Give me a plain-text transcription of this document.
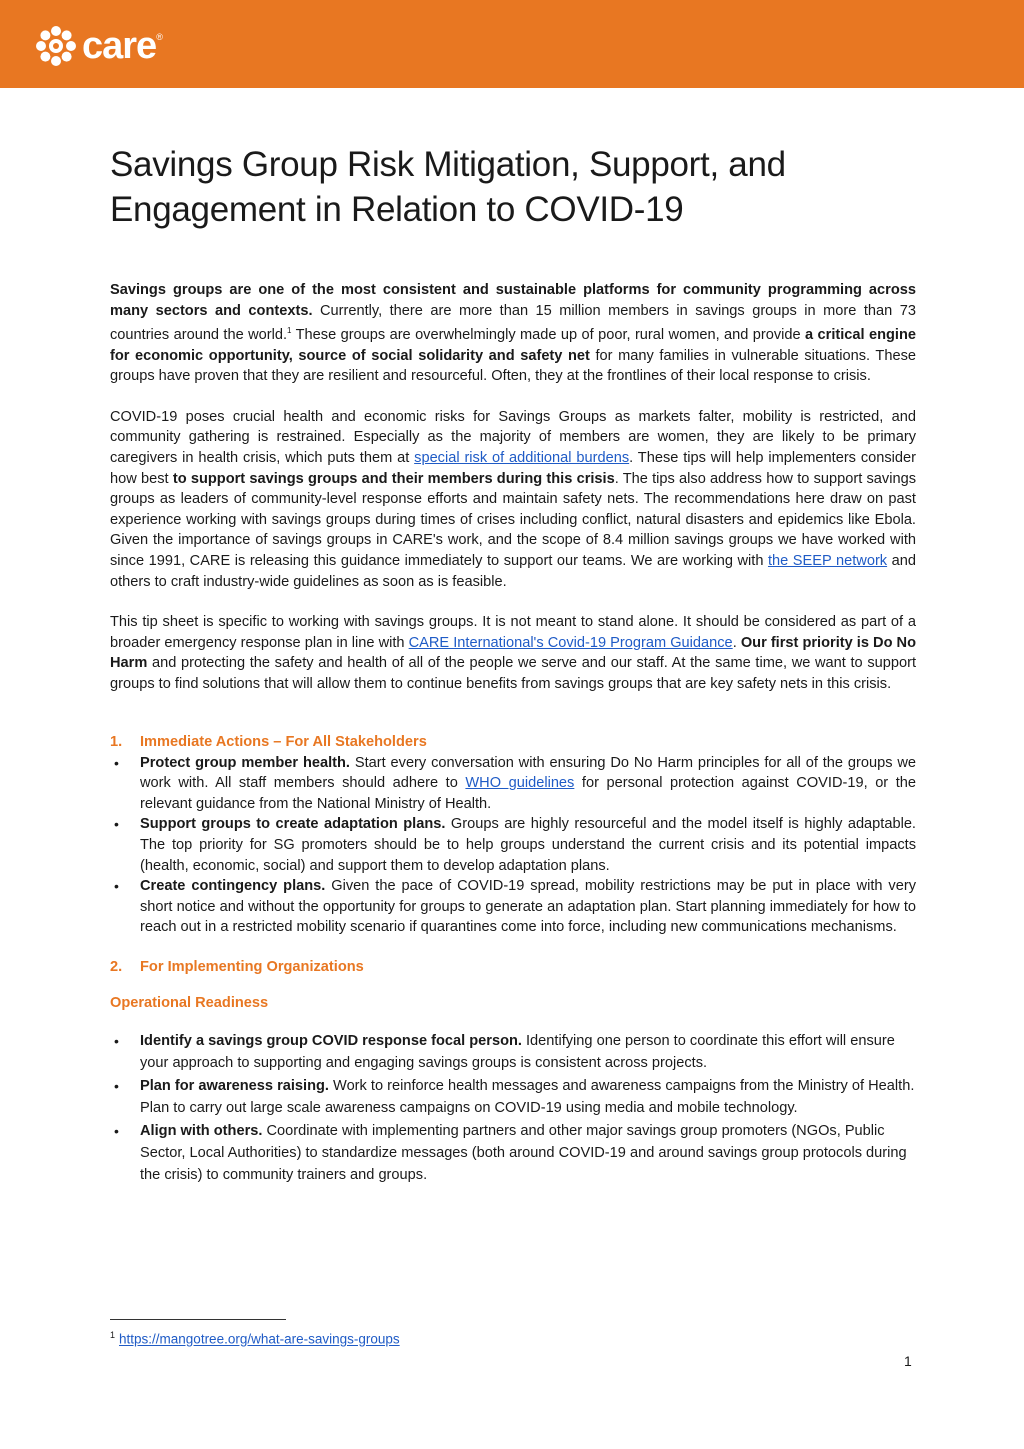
care ®
Savings Group Risk Mitigation, Support, and
Engagement in Relation to COVID-19

Savings groups are one of the most consistent and sustainable platforms for community programming across many sectors and contexts. Currently, there are more than 15 million members in savings groups in more than 73 countries around the world.$^1$ These groups are overwhelmingly made up of poor, rural women, and provide a critical engine for economic opportunity, source of social solidarity and safety net for many families in vulnerable situations. These groups have proven that they are resilient and resourceful. Often, they at the frontlines of their local response to crisis.

COVID-19 poses crucial health and economic risks for Savings Groups as markets falter, mobility is restricted, and community gathering is restrained. Especially as the majority of members are women, they are likely to be primary caregivers in health crisis, which puts them at special risk of additional burdens. These tips will help implementers consider how best to support savings groups and their members during this crisis. The tips also address how to support savings groups as leaders of community-level response efforts and maintain safety nets. The recommendations here draw on past experience working with savings groups during times of crises including conflict, natural disasters and epidemics like Ebola. Given the importance of savings groups in CARE's work, and the scope of 8.4 million savings groups we have worked with since 1991, CARE is releasing this guidance immediately to support our teams. We are working with the SEEP network and others to craft industry-wide guidelines as soon as is feasible.

This tip sheet is specific to working with savings groups. It is not meant to stand alone. It should be considered as part of a broader emergency response plan in line with CARE International's Covid-19 Program Guidance. Our first priority is Do No Harm and protecting the safety and health of all of the people we serve and our staff. At the same time, we want to support groups to find solutions that will allow them to continue benefits from savings groups that are key safety nets in this crisis.

1.	Immediate Actions – For All Stakeholders
• Protect group member health. Start every conversation with ensuring Do No Harm principles for all of the groups we work with. All staff members should adhere to WHO guidelines for personal protection against COVID-19, or the relevant guidance from the National Ministry of Health.
• Support groups to create adaptation plans. Groups are highly resourceful and the model itself is highly adaptable. The top priority for SG promoters should be to help groups understand the current crisis and its potential impacts (health, economic, social) and support them to develop adaptation plans.
• Create contingency plans. Given the pace of COVID-19 spread, mobility restrictions may be put in place with very short notice and without the opportunity for groups to generate an adaptation plan. Start planning immediately for how to reach out in a restricted mobility scenario if quarantines come into force, including new communications mechanisms.
2.	For Implementing Organizations
Operational Readiness
• Identify a savings group COVID response focal person. Identifying one person to coordinate this effort will ensure your approach to supporting and engaging savings groups is consistent across projects.
• Plan for awareness raising. Work to reinforce health messages and awareness campaigns from the Ministry of Health. Plan to carry out large scale awareness campaigns on COVID-19 using media and mobile technology.
• Align with others. Coordinate with implementing partners and other major savings group promoters (NGOs, Public Sector, Local Authorities) to standardize messages (both around COVID-19 and around savings group protocols during the crisis) to community trainers and groups.
$^1$ https://mangotree.org/what-are-savings-groups
1
